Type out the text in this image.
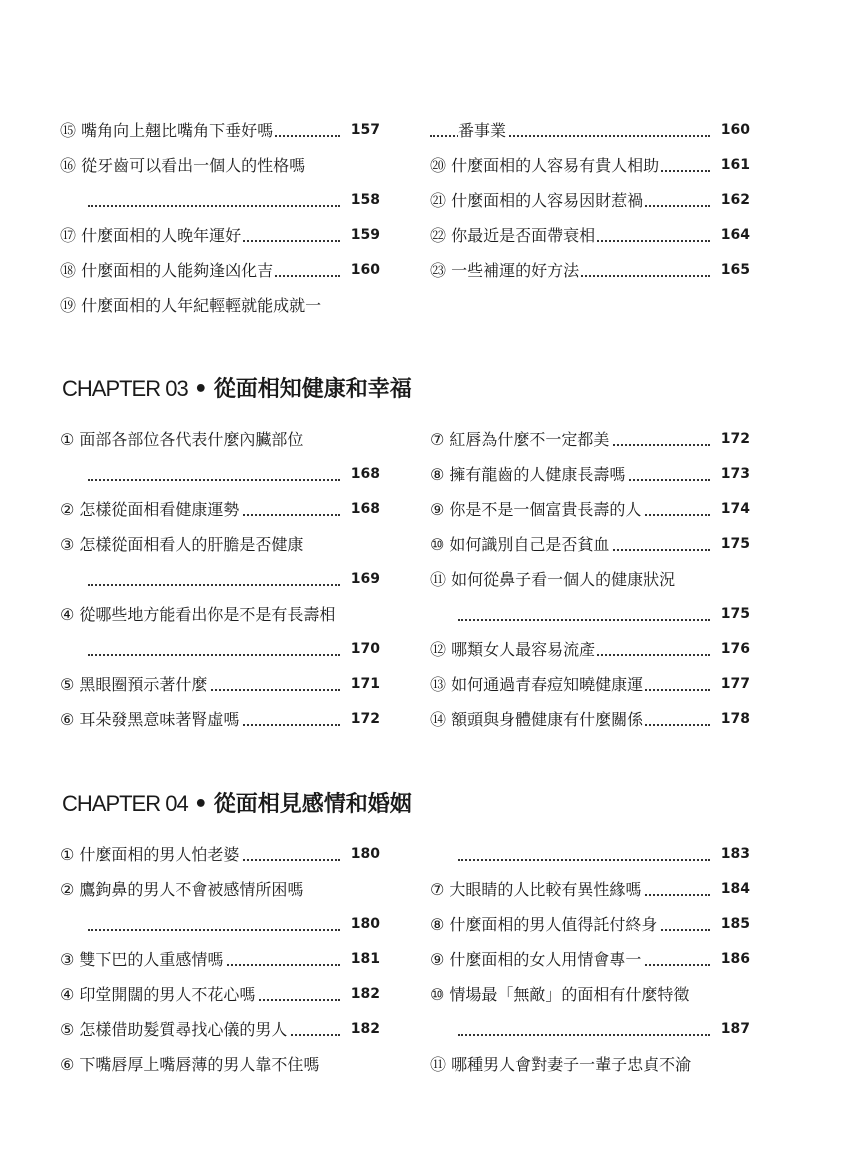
⑮ 嘴角向上翹比嘴角下垂好嗎	157
⑯ 從牙齒可以看出一個人的性格嗎
158
⑰ 什麼面相的人晚年運好	159
⑱ 什麼面相的人能夠逢凶化吉	160
⑲ 什麼面相的人年紀輕輕就能成就一
番事業	160
⑳ 什麼面相的人容易有貴人相助	161
㉑ 什麼面相的人容易因財惹禍	162
㉒ 你最近是否面帶衰相	164
㉓ 一些補運的好方法	165
CHAPTER 03 • 從面相知健康和幸福
① 面部各部位各代表什麼內臟部位
168
② 怎樣從面相看健康運勢	168
③ 怎樣從面相看人的肝膽是否健康
169
④ 從哪些地方能看出你是不是有長壽相
170
⑤ 黑眼圈預示著什麼	171
⑥ 耳朵發黑意味著腎虛嗎	172
⑦ 紅唇為什麼不一定都美	172
⑧ 擁有龍齒的人健康長壽嗎	173
⑨ 你是不是一個富貴長壽的人	174
⑩ 如何識別自己是否貧血	175
⑪ 如何從鼻子看一個人的健康狀況
175
⑫ 哪類女人最容易流產	176
⑬ 如何通過青春痘知曉健康運	177
⑭ 額頭與身體健康有什麼關係	178
CHAPTER 04 • 從面相見感情和婚姻
① 什麼面相的男人怕老婆	180
② 鷹鉤鼻的男人不會被感情所困嗎
180
③ 雙下巴的人重感情嗎	181
④ 印堂開闊的男人不花心嗎	182
⑤ 怎樣借助髮質尋找心儀的男人	182
⑥ 下嘴唇厚上嘴唇薄的男人靠不住嗎
183
⑦ 大眼睛的人比較有異性緣嗎	184
⑧ 什麼面相的男人值得託付終身	185
⑨ 什麼面相的女人用情會專一	186
⑩ 情場最「無敵」的面相有什麼特徵
187
⑪ 哪種男人會對妻子一輩子忠貞不渝
